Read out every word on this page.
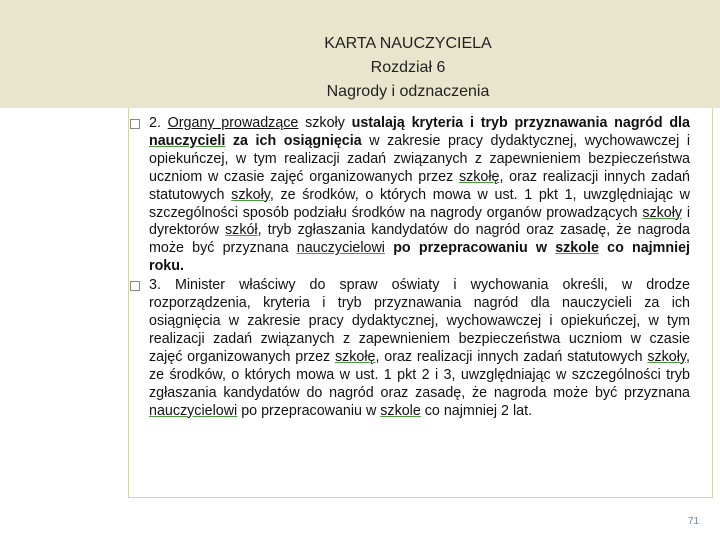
KARTA NAUCZYCIELA
Rozdział 6
Nagrody i odznaczenia
2. Organy prowadzące szkoły ustalają kryteria i tryb przyznawania nagród dla nauczycieli za ich osiągnięcia w zakresie pracy dydaktycznej, wychowawczej i opiekuńczej, w tym realizacji zadań związanych z zapewnieniem bezpieczeństwa uczniom w czasie zajęć organizowanych przez szkołę, oraz realizacji innych zadań statutowych szkoły, ze środków, o których mowa w ust. 1 pkt 1, uwzględniając w szczególności sposób podziału środków na nagrody organów prowadzących szkoły i dyrektorów szkół, tryb zgłaszania kandydatów do nagród oraz zasadę, że nagroda może być przyznana nauczycielowi po przepracowaniu w szkole co najmniej roku.
3. Minister właściwy do spraw oświaty i wychowania określi, w drodze rozporządzenia, kryteria i tryb przyznawania nagród dla nauczycieli za ich osiągnięcia w zakresie pracy dydaktycznej, wychowawczej i opiekuńczej, w tym realizacji zadań związanych z zapewnieniem bezpieczeństwa uczniom w czasie zajęć organizowanych przez szkołę, oraz realizacji innych zadań statutowych szkoły, ze środków, o których mowa w ust. 1 pkt 2 i 3, uwzględniając w szczególności tryb zgłaszania kandydatów do nagród oraz zasadę, że nagroda może być przyznana nauczycielowi po przepracowaniu w szkole co najmniej 2 lat.
71
